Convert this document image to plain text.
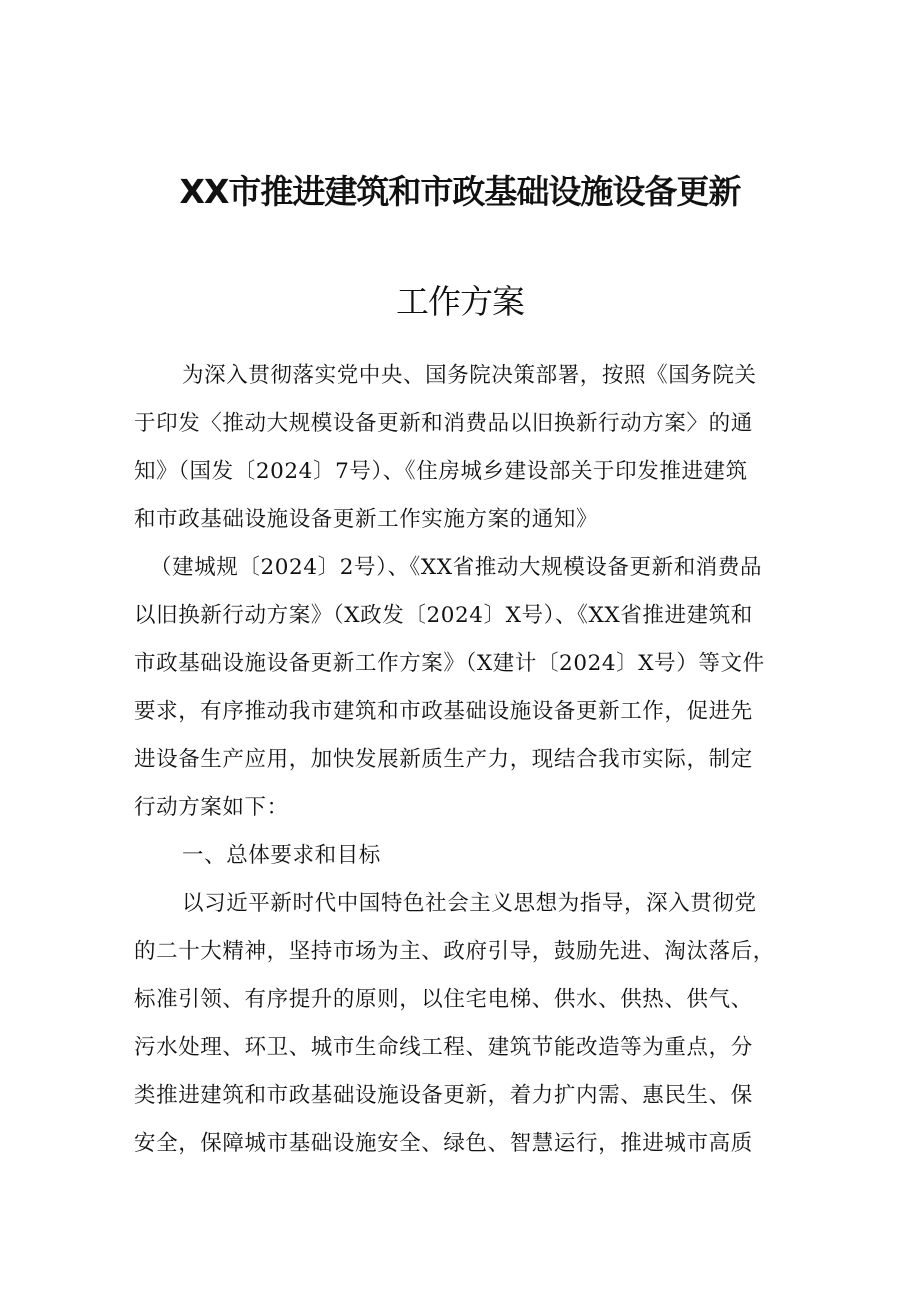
XX市推进建筑和市政基础设施设备更新
工作方案

为深入贯彻落实党中央、国务院决策部署，按照《国务院关

于印发〈推动大规模设备更新和消费品以旧换新行动方案〉的通

知》（国发〔2024〕7号）、《住房城乡建设部关于印发推进建筑

和市政基础设施设备更新工作实施方案的通知》

（建城规〔2024〕2号）、《XX省推动大规模设备更新和消费品

以旧换新行动方案》（X政发〔2024〕X号）、《XX省推进建筑和

市政基础设施设备更新工作方案》（X建计〔2024〕X号）等文件

要求，有序推动我市建筑和市政基础设施设备更新工作，促进先

进设备生产应用，加快发展新质生产力，现结合我市实际，制定

行动方案如下：

一、总体要求和目标

以习近平新时代中国特色社会主义思想为指导，深入贯彻党

的二十大精神，坚持市场为主、政府引导，鼓励先进、淘汰落后，

标准引领、有序提升的原则，以住宅电梯、供水、供热、供气、

污水处理、环卫、城市生命线工程、建筑节能改造等为重点，分

类推进建筑和市政基础设施设备更新，着力扩内需、惠民生、保

安全，保障城市基础设施安全、绿色、智慧运行，推进城市高质
